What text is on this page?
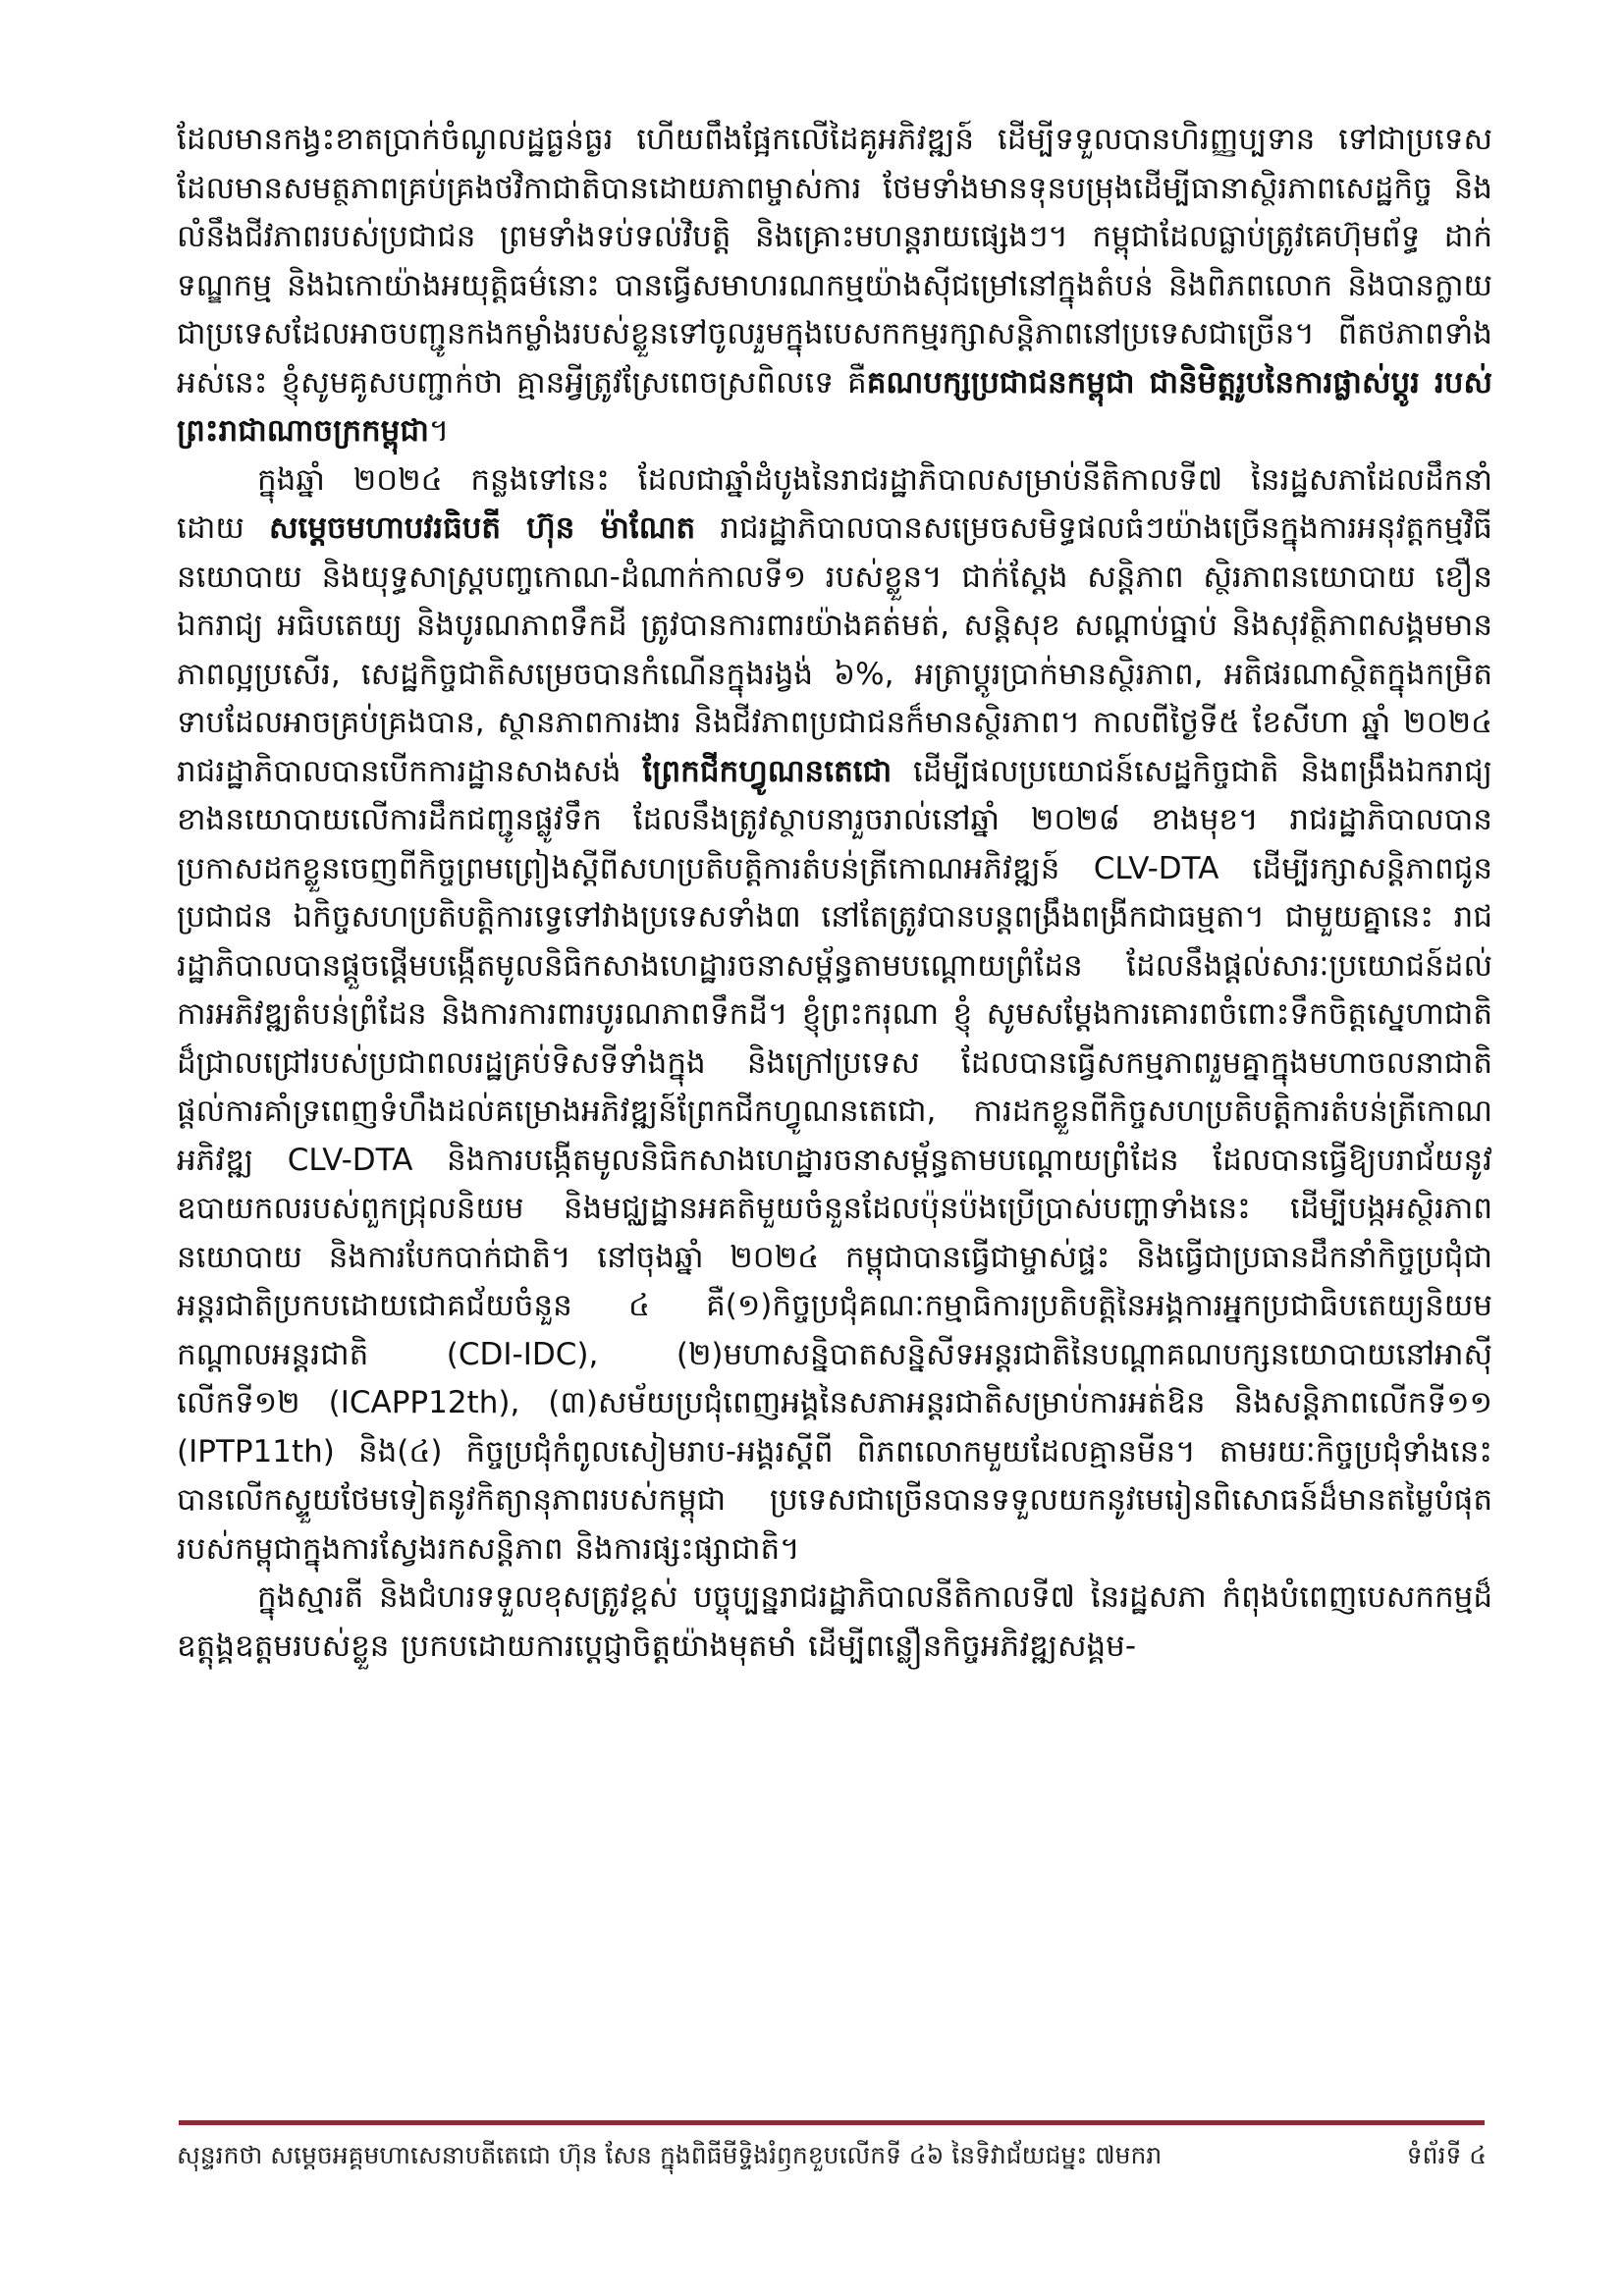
ដែលមានកង្វះខាតប្រាក់ចំណូលដ្ឋធ្ងន់ធ្ងរ ហើយពឹងផ្អែកលើដៃគូអភិវឌ្ឍន៍ ដើម្បីទទួលបានហិរញ្ញប្បទាន ទៅជាប្រទេសដែលមានសមត្ថភាពគ្រប់គ្រងថវិកាជាតិបានដោយភាពម្ចាស់ការ ថែមទាំងមានទុនបម្រុងដើម្បីធានាស្ថិរភាពសេដ្ឋកិច្ច និងលំនឹងជីវភាពរបស់ប្រជាជន ព្រមទាំងទប់ទល់វិបត្តិ និងគ្រោះមហន្តរាយផ្សេងៗ។ កម្ពុជាដែលធ្លាប់ត្រូវគេហ៊ុមព័ទ្ធ ដាក់ទណ្ឌកម្ម និងឯកោយ៉ាងអយុត្តិធម៌នោះ បានធ្វើសមាហរណកម្មយ៉ាងស៊ីជម្រៅនៅក្នុងតំបន់ និងពិភពលោក និងបានក្លាយជាប្រទេសដែលអាចបញ្ជូនកងកម្លាំងរបស់ខ្លួនទៅចូលរួមក្នុងបេសកកម្មរក្សាសន្តិភាពនៅប្រទេសជាច្រើន។ ពីតថភាពទាំងអស់នេះ ខ្ញុំសូមគូសបញ្ជាក់ថា គ្មានអ្វីត្រូវស្រែពេចស្រពិលទេ គឺគណបក្សប្រជាជនកម្ពុជា ជានិមិត្តរូបនៃការផ្លាស់ប្តូរ របស់ព្រះរាជាណាចក្រកម្ពុជា។

ក្នុងឆ្នាំ ២០២៤ កន្លងទៅនេះ ដែលជាឆ្នាំដំបូងនៃរាជរដ្ឋាភិបាលសម្រាប់នីតិកាលទី៧ នៃរដ្ឋសភាដែលដឹកនាំដោយ សម្តេចមហាបវរធិបតី ហ៊ុន ម៉ាណែត រាជរដ្ឋាភិបាលបានសម្រេចសមិទ្ធផលធំៗយ៉ាងច្រើនក្នុងការអនុវត្តកម្មវិធីនយោបាយ និងយុទ្ធសាស្ត្របញ្ចកោណ-ដំណាក់កាលទី១ របស់ខ្លួន។ ជាក់ស្តែង សន្តិភាព ស្ថិរភាពនយោបាយ ខឿនឯករាជ្យ អធិបតេយ្យ និងបូរណភាពទឹកដី ត្រូវបានការពារយ៉ាងគត់មត់, សន្តិសុខ សណ្តាប់ធ្នាប់ និងសុវត្ថិភាពសង្គមមានភាពល្អប្រសើរ, សេដ្ឋកិច្ចជាតិសម្រេចបានកំណើនក្នុងរង្វង់ ៦%, អត្រាប្តូរប្រាក់មានស្ថិរភាព, អតិផរណាស្ថិតក្នុងកម្រិតទាបដែលអាចគ្រប់គ្រងបាន, ស្ថានភាពការងារ និងជីវភាពប្រជាជនក៏មានស្ថិរភាព។ កាលពីថ្ងៃទី៥ ខែសីហា ឆ្នាំ ២០២៤ រាជរដ្ឋាភិបាលបានបើកការដ្ឋានសាងសង់ ព្រែកជីកហ្វូណនតេជោ ដើម្បីផលប្រយោជន៍សេដ្ឋកិច្ចជាតិ និងពង្រឹងឯករាជ្យខាងនយោបាយលើការដឹកជញ្ជូនផ្លូវទឹក ដែលនឹងត្រូវស្ថាបនារួចរាល់នៅឆ្នាំ ២០២៨ ខាងមុខ។ រាជរដ្ឋាភិបាលបានប្រកាសដកខ្លួនចេញពីកិច្ចព្រមព្រៀងស្តីពីសហប្រតិបត្តិការតំបន់ត្រីកោណអភិវឌ្ឍន៍ CLV-DTA ដើម្បីរក្សាសន្តិភាពជូនប្រជាជន ឯកិច្ចសហប្រតិបត្តិការទ្វេទៅវាងប្រទេសទាំង៣ នៅតែត្រូវបានបន្តពង្រឹងពង្រីកជាធម្មតា។ ជាមួយគ្នានេះ រាជរដ្ឋាភិបាលបានផ្តួចផ្តើមបង្កើតមូលនិធិកសាងហេដ្ឋារចនាសម្ព័ន្ធតាមបណ្តោយព្រំដែន ដែលនឹងផ្តល់សារៈប្រយោជន៍ដល់ការអភិវឌ្ឍតំបន់ព្រំដែន និងការការពារបូរណភាពទឹកដី។ ខ្ញុំព្រះករុណា ខ្ញុំ សូមសម្តែងការគោរពចំពោះទឹកចិត្តស្នេហាជាតិដ៏ជ្រាលជ្រៅរបស់ប្រជាពលរដ្ឋគ្រប់ទិសទីទាំងក្នុង និងក្រៅប្រទេស ដែលបានធ្វើសកម្មភាពរួមគ្នាក្នុងមហាចលនាជាតិ ផ្តល់ការគាំទ្រពេញទំហឹងដល់គម្រោងអភិវឌ្ឍន៍ព្រែកជីកហ្វូណនតេជោ, ការដកខ្លួនពីកិច្ចសហប្រតិបត្តិការតំបន់ត្រីកោណអភិវឌ្ឍ CLV-DTA និងការបង្កើតមូលនិធិកសាងហេដ្ឋារចនាសម្ព័ន្ធតាមបណ្តោយព្រំដែន ដែលបានធ្វើឱ្យបរាជ័យនូវឧបាយកលរបស់ពួកជ្រុលនិយម និងមជ្ឈដ្ឋានអគតិមួយចំនួនដែលប៉ុនប៉ងប្រើប្រាស់បញ្ហាទាំងនេះ ដើម្បីបង្កអស្ថិរភាពនយោបាយ និងការបែកបាក់ជាតិ។ នៅចុងឆ្នាំ ២០២៤ កម្ពុជាបានធ្វើជាម្ចាស់ផ្ទះ និងធ្វើជាប្រធានដឹកនាំកិច្ចប្រជុំជាអន្តរជាតិប្រកបដោយជោគជ័យចំនួន ៤ គឺ(១)កិច្ចប្រជុំគណៈកម្មាធិការប្រតិបត្តិនៃអង្គការអ្នកប្រជាធិបតេយ្យនិយមកណ្តាលអន្តរជាតិ (CDI-IDC), (២)មហាសន្និបាតសន្និសីទអន្តរជាតិនៃបណ្តាគណបក្សនយោបាយនៅអាស៊ី លើកទី១២ (ICAPP12th), (៣)សម័យប្រជុំពេញអង្គនៃសភាអន្តរជាតិសម្រាប់ការអត់ឱន និងសន្តិភាពលើកទី១១ (IPTP11th) និង(៤) កិច្ចប្រជុំកំពូលសៀមរាប-អង្គរស្តីពី ពិភពលោកមួយដែលគ្មានមីន។ តាមរយៈកិច្ចប្រជុំទាំងនេះ បានលើកស្ទួយថែមទៀតនូវកិត្យានុភាពរបស់កម្ពុជា ប្រទេសជាច្រើនបានទទួលយកនូវមេរៀនពិសោធន៍ដ៏មានតម្លៃបំផុតរបស់កម្ពុជាក្នុងការស្វែងរកសន្តិភាព និងការផ្សះផ្សាជាតិ។

ក្នុងស្មារតី និងជំហរទទួលខុសត្រូវខ្ពស់ បច្ចុប្បន្នរាជរដ្ឋាភិបាលនីតិកាលទី៧ នៃរដ្ឋសភា កំពុងបំពេញបេសកកម្មដ៏ឧត្តុង្គឧត្តមរបស់ខ្លួន ប្រកបដោយការប្តេជ្ញាចិត្តយ៉ាងមុតមាំ ដើម្បីពន្លឿនកិច្ចអភិវឌ្ឍសង្គម-

សុន្ទរកថា សម្តេចអគ្គមហាសេនាបតីតេជោ ហ៊ុន សែន ក្នុងពិធីមីទ្ទិងរំឭកខួបលើកទី ៤៦ នៃទិវាជ័យជម្នះ ៧មករា	ទំព័រទី ៤
